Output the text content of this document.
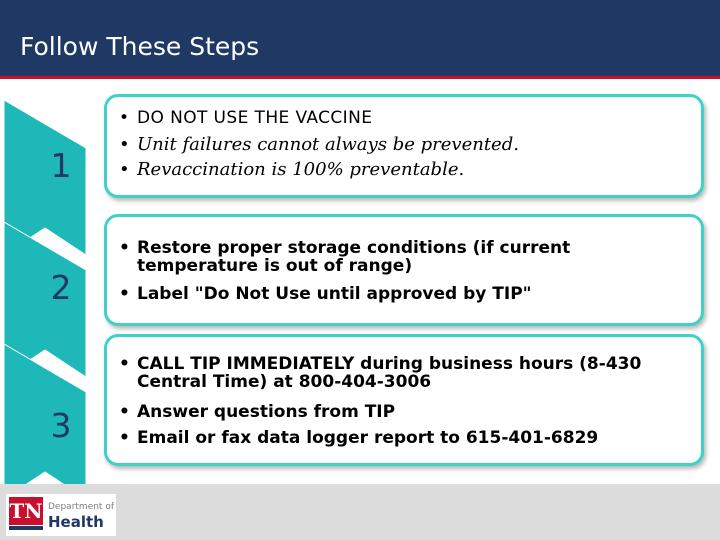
Follow These Steps
1
• DO NOT USE THE VACCINE
• Unit failures cannot always be prevented.
• Revaccination is 100% preventable.
2
• Restore proper storage conditions (if current temperature is out of range)
• Label "Do Not Use until approved by TIP"
3
• CALL TIP IMMEDIATELY during business hours (8-430 Central Time) at 800-404-3006
• Answer questions from TIP
• Email or fax data logger report to 615-401-6829
TN Department of
Health
